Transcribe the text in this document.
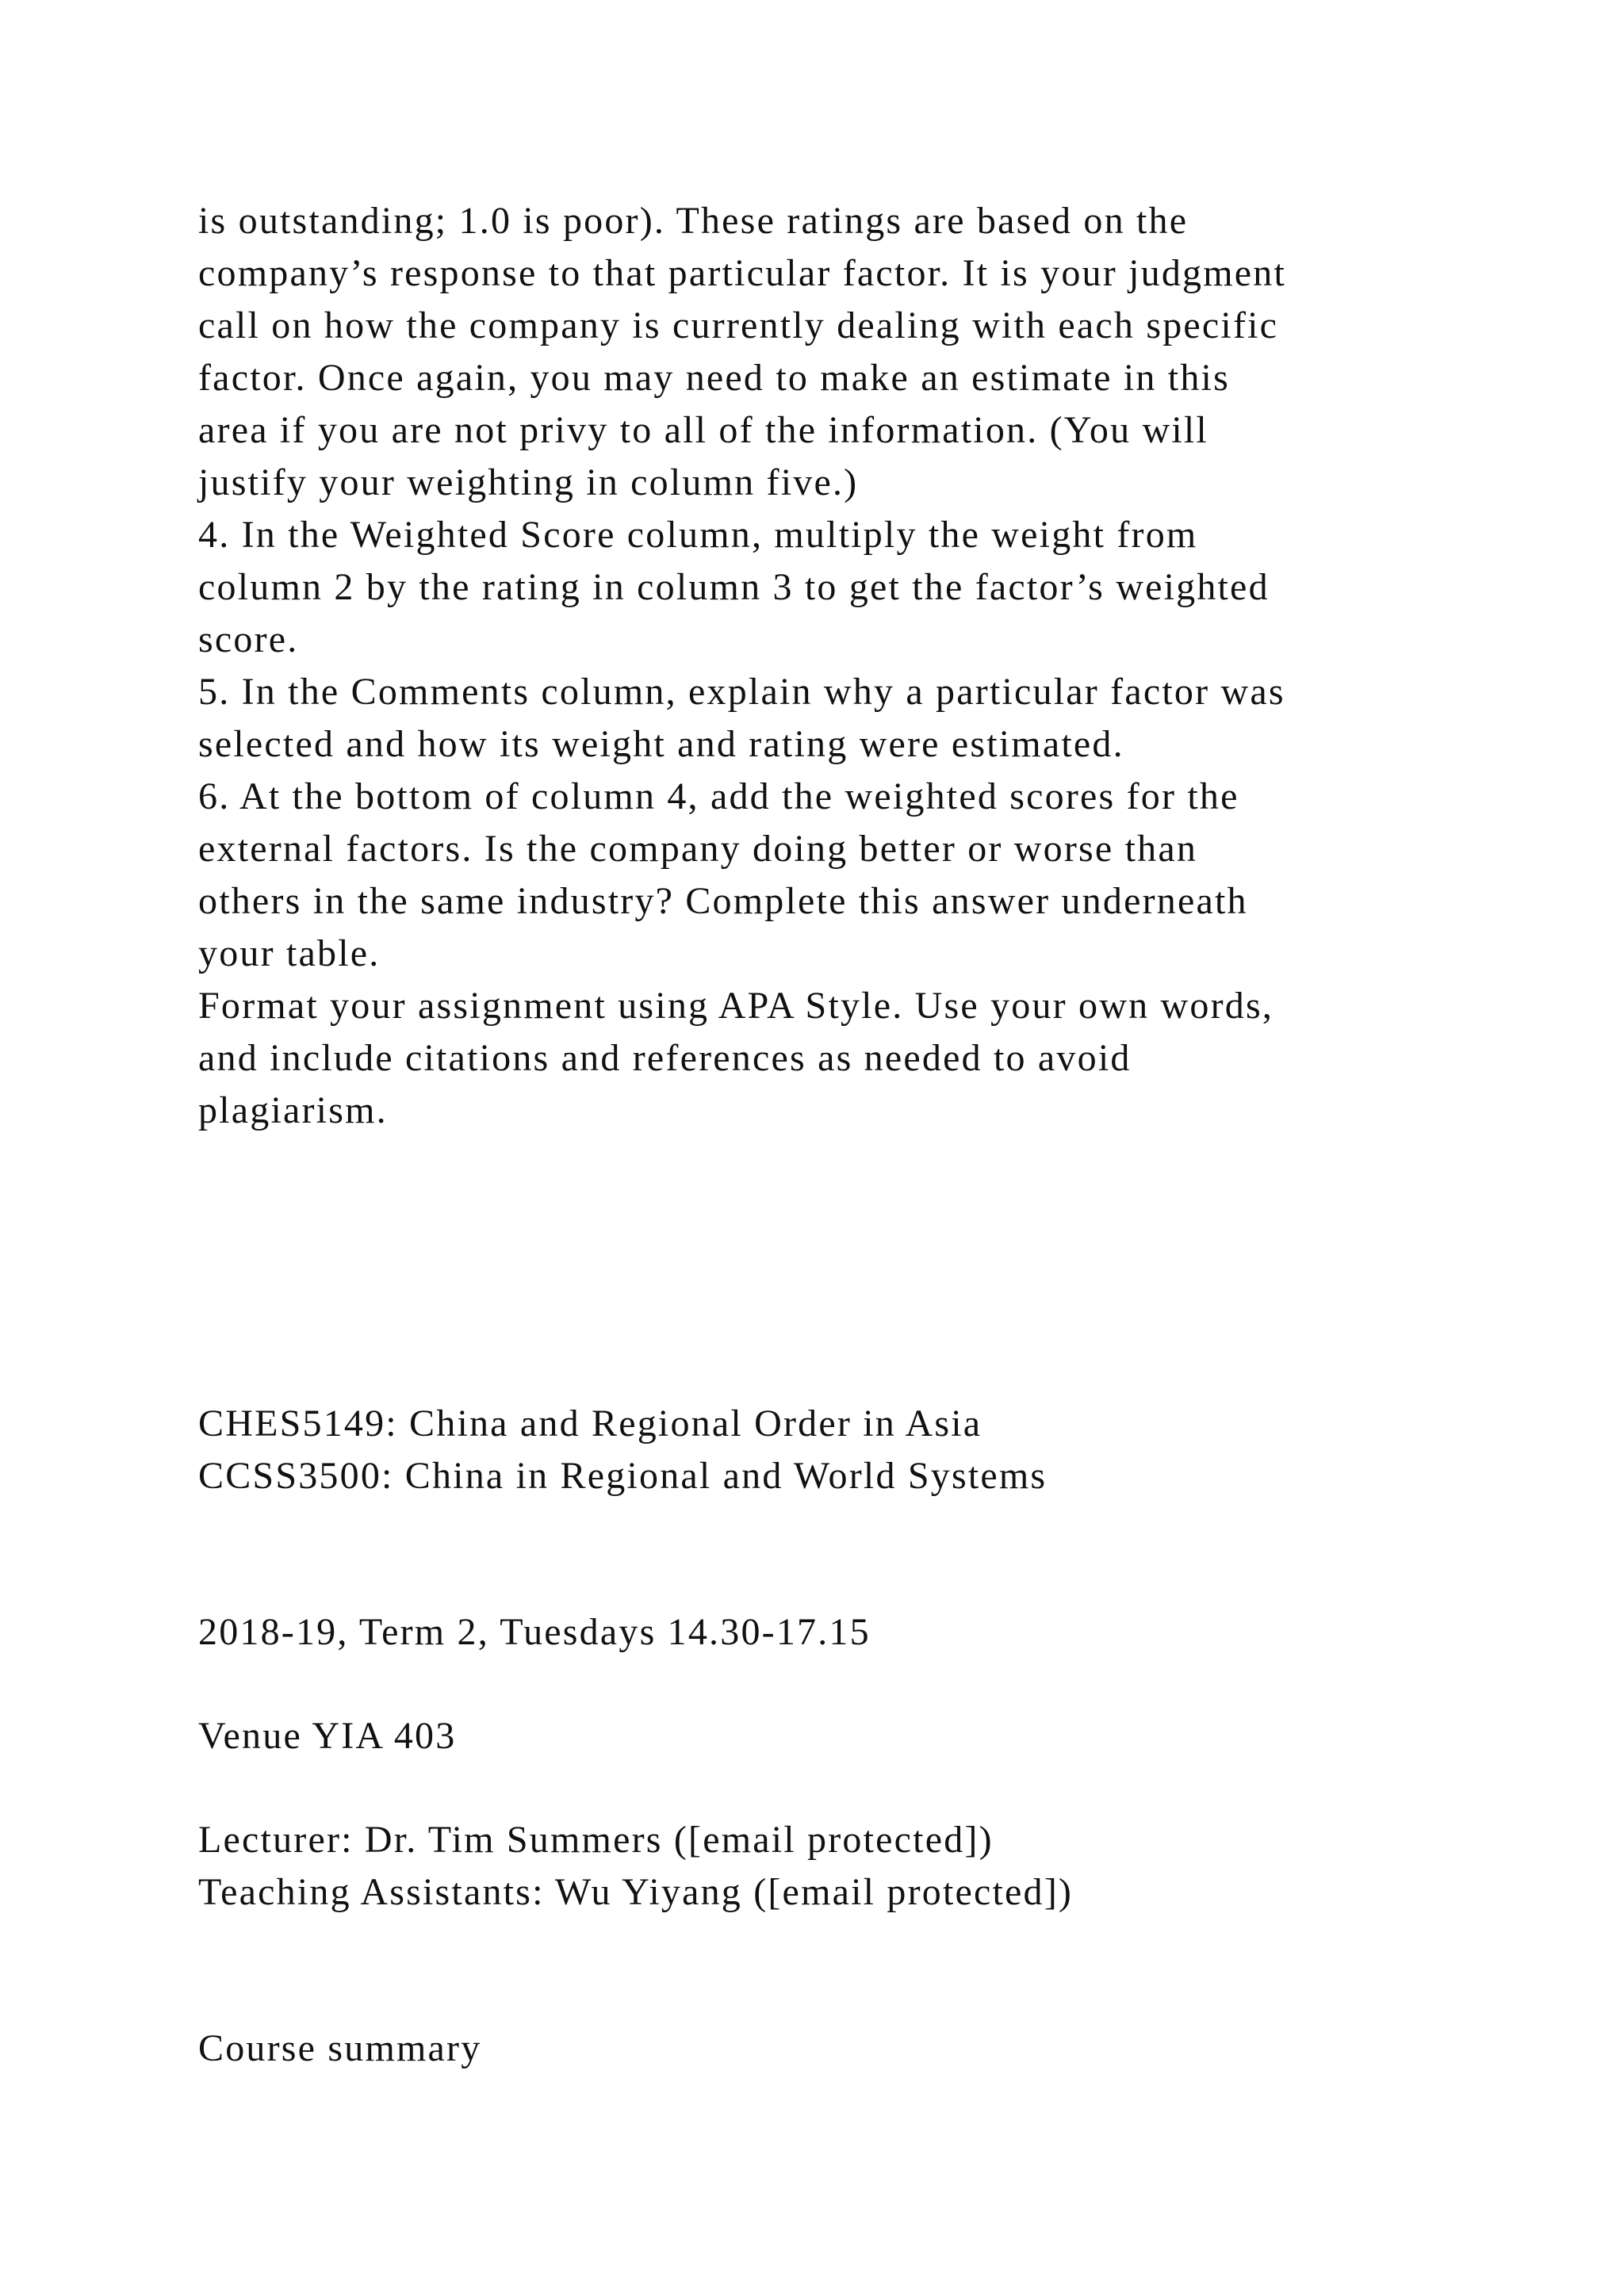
is outstanding; 1.0 is poor). These ratings are based on the

company’s response to that particular factor. It is your judgment

call on how the company is currently dealing with each specific

factor. Once again, you may need to make an estimate in this

area if you are not privy to all of the information. (You will

justify your weighting in column five.)

4. In the Weighted Score column, multiply the weight from

column 2 by the rating in column 3 to get the factor’s weighted

score.

5. In the Comments column, explain why a particular factor was

selected and how its weight and rating were estimated.

6. At the bottom of column 4, add the weighted scores for the

external factors. Is the company doing better or worse than

others in the same industry? Complete this answer underneath

your table.

Format your assignment using APA Style. Use your own words,

and include citations and references as needed to avoid

plagiarism.

CHES5149: China and Regional Order in Asia

CCSS3500: China in Regional and World Systems

2018-19, Term 2, Tuesdays 14.30-17.15

Venue YIA 403

Lecturer: Dr. Tim Summers ([email protected])

Teaching Assistants: Wu Yiyang ([email protected])

Course summary
